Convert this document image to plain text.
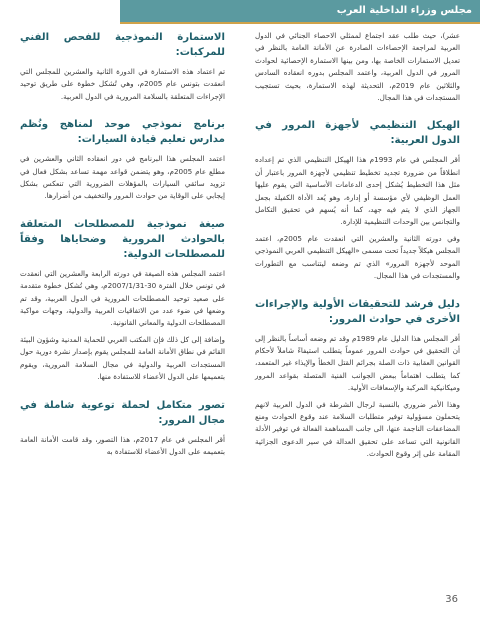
مجلس وزراء الداخلية العرب

عشر)، حيث طلب عقد اجتماع لممثلي الاحصاء الجنائي في الدول العربية لمراجعة الإحصاءات الصادرة عن الأمانة العامة بالنظر في تعديل الاستمارات الخاصة بها، ومن بينها الاستمارة الإحصائية لحوادث المرور في الدول العربية، واعتمد المجلس بدوره انعقاده السادس والثلاثين عام 2019م، التحديثة لهذه الاستمارة، بحيث تستجيب المستجدات في هذا المجال.

الهيكل التنظيمي لأجهزة المرور في الدول العربية:

أقر المجلس في عام 1993م هذا الهيكل التنظيمي الذي تم إعداده انطلاقاً من ضرورة تجديد تخطيط تنظيمي لأجهزة المرور باعتبار أن مثل هذا التخطيط يُشكل إحدى الدعامات الأساسية التي يقوم عليها العمل الوظيفي لأي مؤسسة أو إدارة، وهو يُعد الأداة الكفيلة بجعل الجهاز الذي لا يتم فيه جهد، كما أنه يُسهم في تحقيق التكامل والتجانس بين الوحدات التنظيمية للإدارة.

وفي دورته الثانية والعشرين التي انعقدت عام 2005م، اعتمد المجلس هيكلاً جديداً تحت مسمى «الهيكل التنظيمي العربي النموذجي الموحد لأجهزة المرور» الذي تم وضعه ليتناسب مع التطورات والمستجدات في هذا المجال.

دليل فرشد للتحقيقات الأولية والإجراءات الأخرى في حوادث المرور:

أقر المجلس هذا الدليل عام 1989م وقد تم وضعه أساساً بالنظر إلى أن التحقيق في حوادث المرور عموماً يتطلب استيفاءً شاملاً لأحكام القوانين العقابية ذات الصلة بجرائم القتل الخطأ والإيذاء غير المتعمد، كما يتطلب اهتماماً ببعض الجوانب الفنية المتصلة بقواعد المرور وميكانيكية المركبة والإسعافات الأولية.

وهذا الأمر ضروري بالنسبة لرجال الشرطة في الدول العربية لانهم يتحملون مسؤولية توفير متطلبات السلامة عند وقوع الحوادث ومنع المضاعفات الناجمة عنها، الى جانب المساهمة الفعالة في توفير الأدلة القانونية التي تساعد على تحقيق العدالة في سير الدعوى الجزائية المقامة على إثر وقوع الحوادث.

الاستمارة النموذجية للفحص الفني للمركبات:

تم اعتماد هذه الاستمارة في الدورة الثانية والعشرين للمجلس التي انعقدت بتونس عام 2005م، وهي تُشكل خطوة على طريق توحيد الإجراءات المتعلقة بالسلامة المرورية في الدول العربية.

برنامج نموذجي موحد لمناهج ونُظم مدارس تعليم قيادة السيارات:

اعتمد المجلس هذا البرنامج في دور انعقاده الثاني والعشرين في مطلع عام 2005م، وهو يتضمن قواعد مهمة تساعد بشكل فعال في تزويد سائقي السيارات بالمؤهلات الضرورية التي تنعكس بشكل إيجابي على الوقاية من حوادث المرور والتخفيف من أضرارها.

صيغة نموذجية للمصطلحات المتعلقة بالحوادث المرورية وضحاياها وفقاً للمصطلحات الدولية:

اعتمد المجلس هذه الصيغة في دورته الرابعة والعشرين التي انعقدت في تونس خلال الفترة 30-2007/1/31م، وهي تُشكل خطوة متقدمة على صعيد توحيد المصطلحات المرورية في الدول العربية، وقد تم وضعها في ضوء عدد من الاتفاقيات العربية والدولية، وجهات مواكبة المصطلحات الدولية والمعاني القانونية.

وإضافة إلى كل ذلك فإن المكتب العربي للحماية المدنية وشؤون البيئة القائم في نطاق الأمانة العامة للمجلس يقوم بإصدار نشرة دورية حول المستجدات العربية والدولية في مجال السلامة المرورية، ويقوم بتعميمها على الدول الأعضاء للاستفادة منها.

تصور متكامل لحملة توعوية شاملة في مجال المرور:

أقر المجلس في عام 2017م، هذا التصور، وقد قامت الأمانة العامة بتعميمه على الدول الأعضاء للاستفادة به

36
